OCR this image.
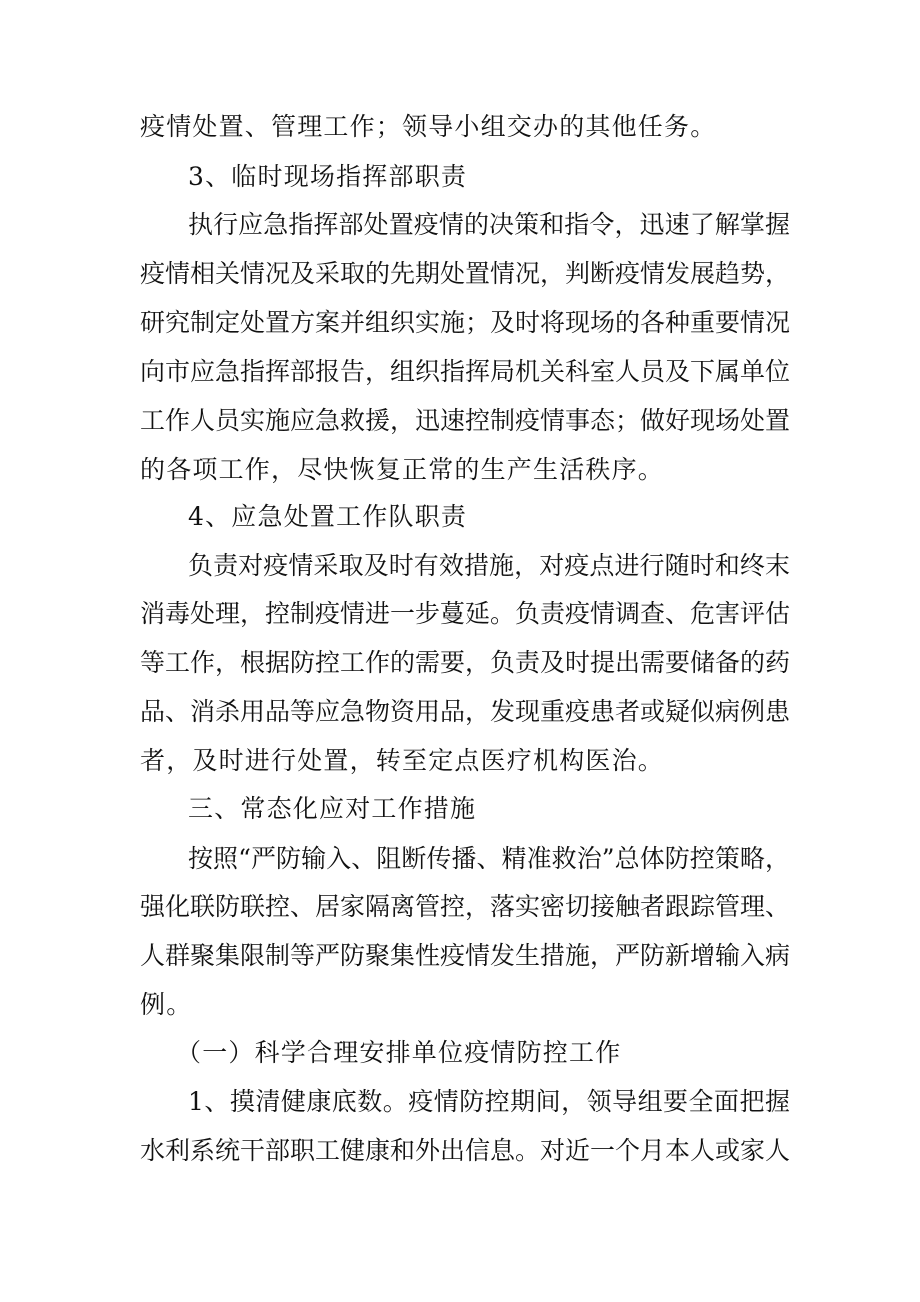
疫情处置、管理工作；领导小组交办的其他任务。
3、临时现场指挥部职责
执行应急指挥部处置疫情的决策和指令，迅速了解掌握
疫情相关情况及采取的先期处置情况，判断疫情发展趋势，
研究制定处置方案并组织实施；及时将现场的各种重要情况
向市应急指挥部报告，组织指挥局机关科室人员及下属单位
工作人员实施应急救援，迅速控制疫情事态；做好现场处置
的各项工作，尽快恢复正常的生产生活秩序。
4、应急处置工作队职责
负责对疫情采取及时有效措施，对疫点进行随时和终末
消毒处理，控制疫情进一步蔓延。负责疫情调查、危害评估
等工作，根据防控工作的需要，负责及时提出需要储备的药
品、消杀用品等应急物资用品，发现重疫患者或疑似病例患
者，及时进行处置，转至定点医疗机构医治。
三、常态化应对工作措施
按照“严防输入、阻断传播、精准救治”总体防控策略，
强化联防联控、居家隔离管控，落实密切接触者跟踪管理、
人群聚集限制等严防聚集性疫情发生措施，严防新增输入病
例。
（一）科学合理安排单位疫情防控工作
1、摸清健康底数。疫情防控期间，领导组要全面把握
水利系统干部职工健康和外出信息。对近一个月本人或家人
